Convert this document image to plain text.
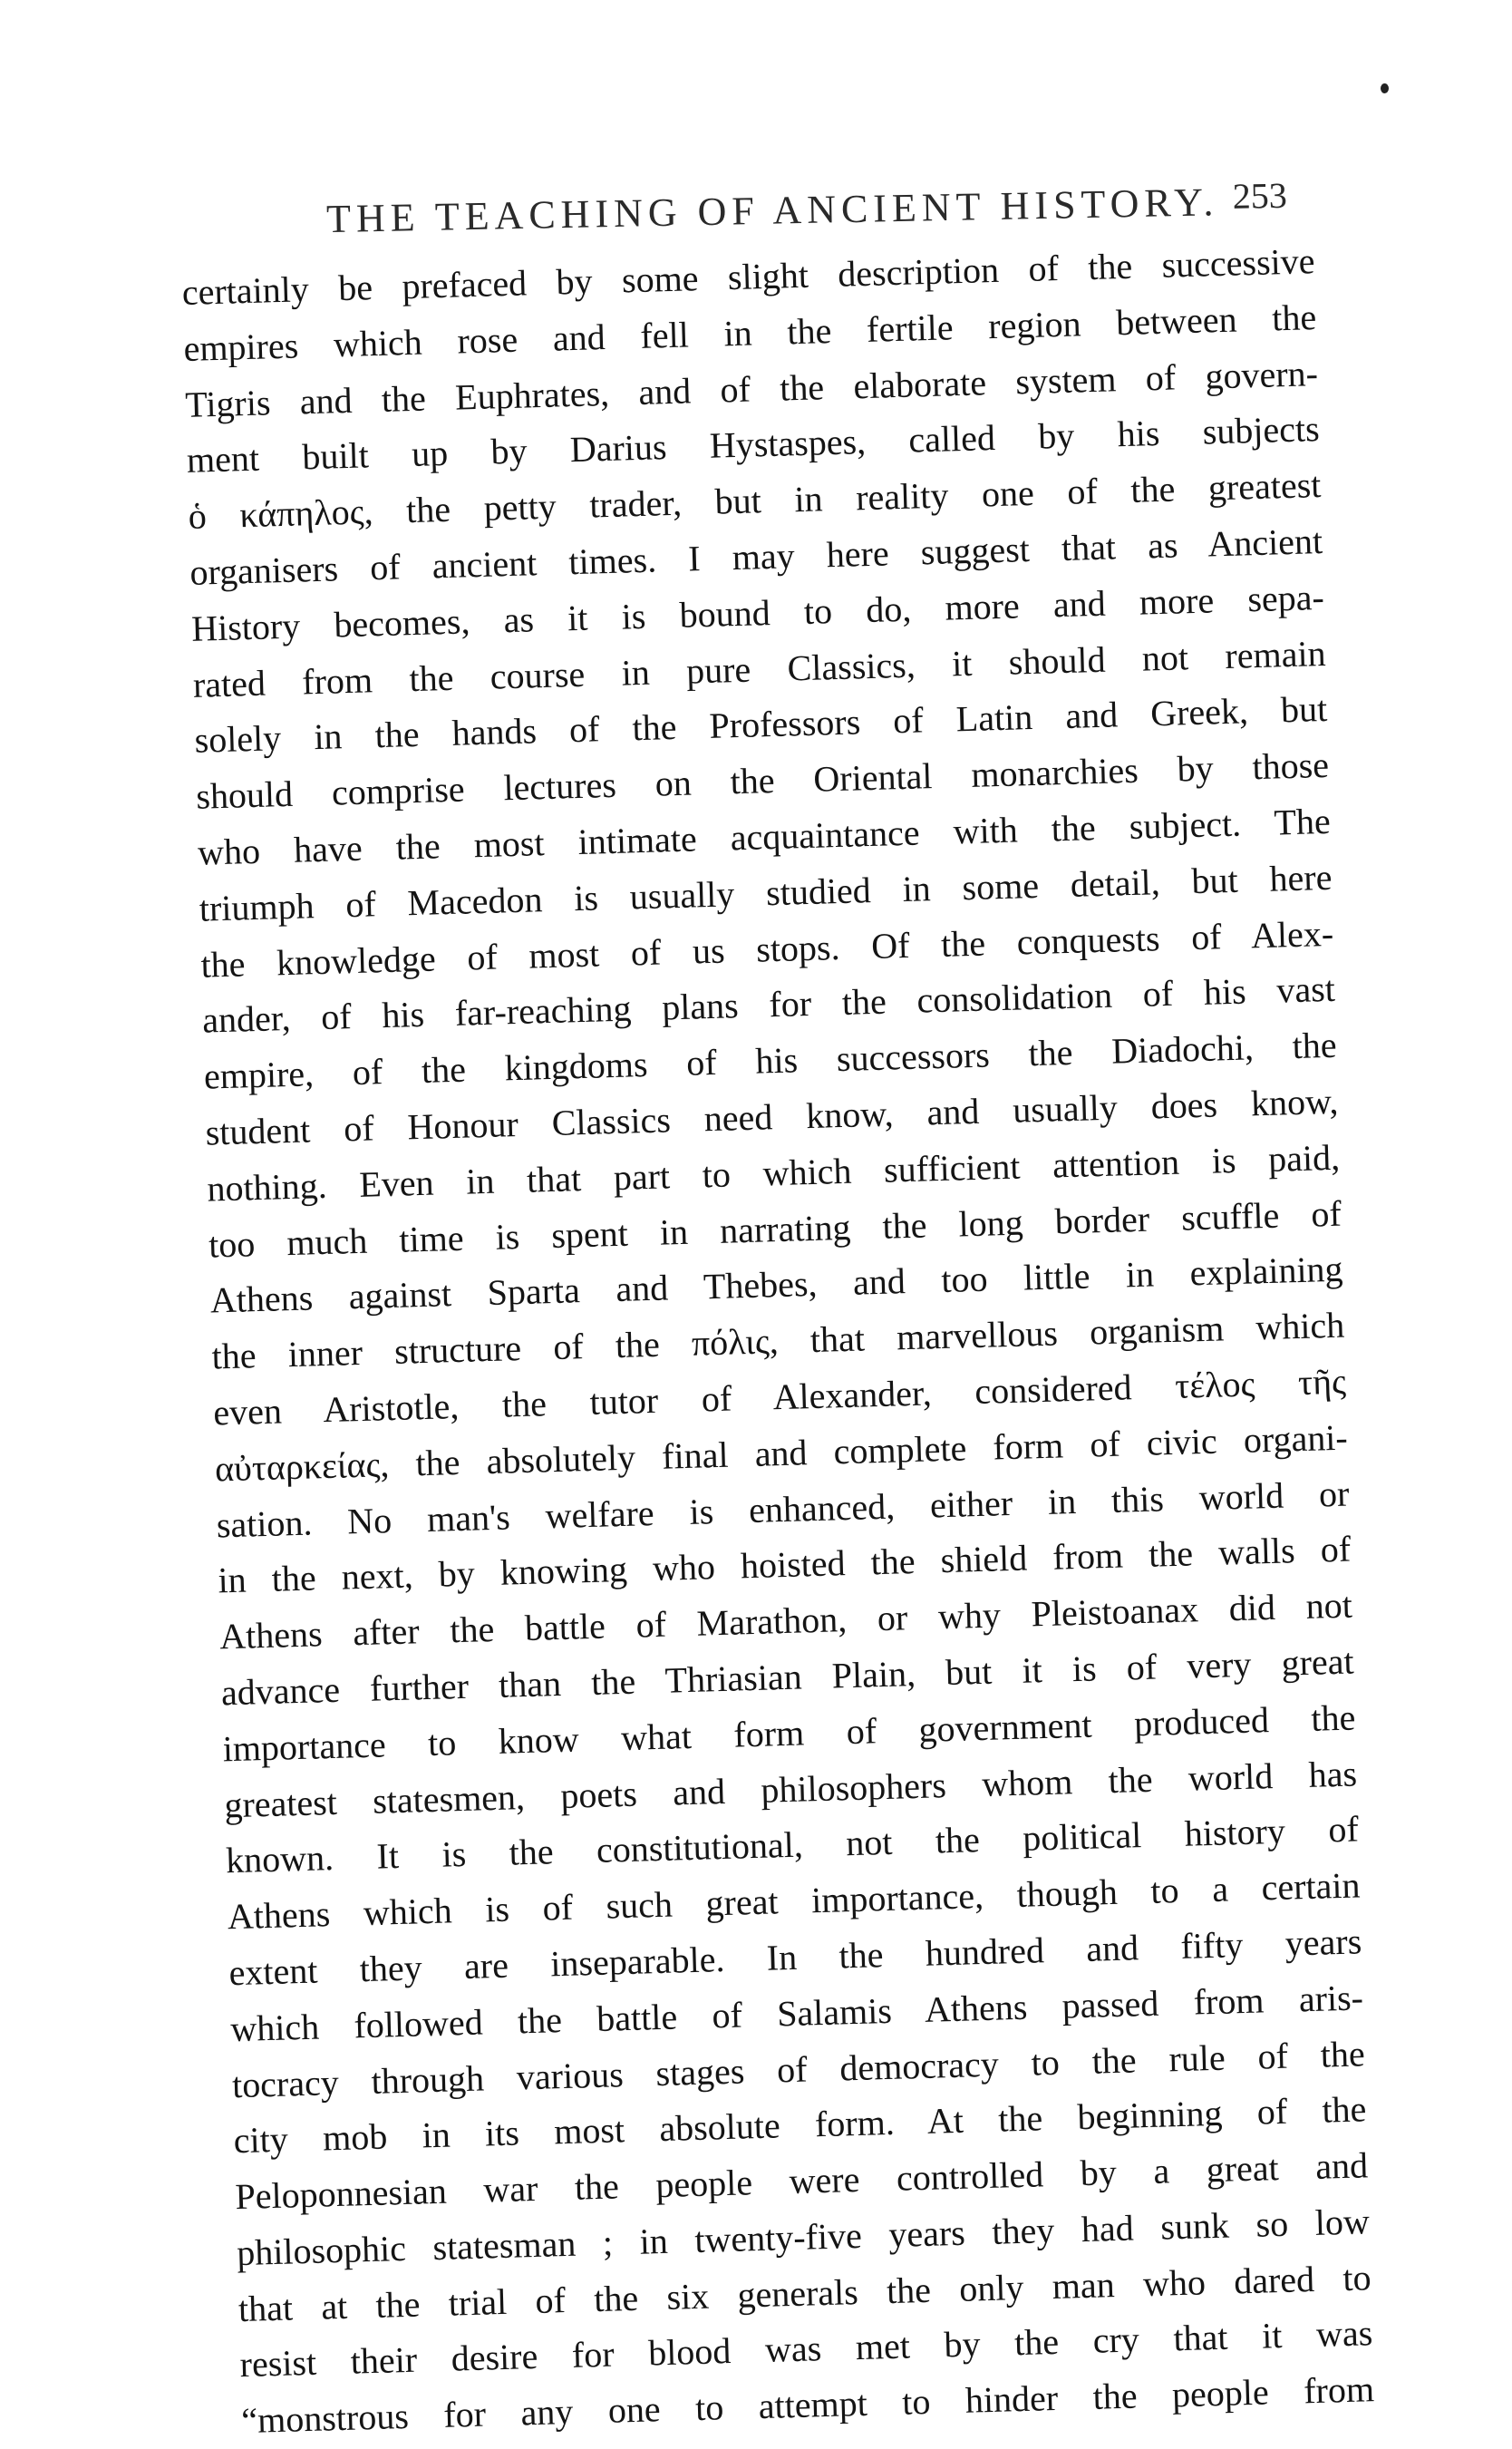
THE TEACHING OF ANCIENT HISTORY. 253
certainly be prefaced by some slight description of the successive
empires which rose and fell in the fertile region between the
Tigris and the Euphrates, and of the elaborate system of govern-
ment built up by Darius Hystaspes, called by his subjects
ὁ κάπηλος, the petty trader, but in reality one of the greatest
organisers of ancient times. I may here suggest that as Ancient
History becomes, as it is bound to do, more and more sepa-
rated from the course in pure Classics, it should not remain
solely in the hands of the Professors of Latin and Greek, but
should comprise lectures on the Oriental monarchies by those
who have the most intimate acquaintance with the subject. The
triumph of Macedon is usually studied in some detail, but here
the knowledge of most of us stops. Of the conquests of Alex-
ander, of his far-reaching plans for the consolidation of his vast
empire, of the kingdoms of his successors the Diadochi, the
student of Honour Classics need know, and usually does know,
nothing. Even in that part to which sufficient attention is paid,
too much time is spent in narrating the long border scuffle of
Athens against Sparta and Thebes, and too little in explaining
the inner structure of the πόλις, that marvellous organism which
even Aristotle, the tutor of Alexander, considered τέλος τῆς
αὐταρκείας, the absolutely final and complete form of civic organi-
sation. No man's welfare is enhanced, either in this world or
in the next, by knowing who hoisted the shield from the walls of
Athens after the battle of Marathon, or why Pleistoanax did not
advance further than the Thriasian Plain, but it is of very great
importance to know what form of government produced the
greatest statesmen, poets and philosophers whom the world has
known. It is the constitutional, not the political history of
Athens which is of such great importance, though to a certain
extent they are inseparable. In the hundred and fifty years
which followed the battle of Salamis Athens passed from aris-
tocracy through various stages of democracy to the rule of the
city mob in its most absolute form. At the beginning of the
Peloponnesian war the people were controlled by a great and
philosophic statesman ; in twenty-five years they had sunk so low
that at the trial of the six generals the only man who dared to
resist their desire for blood was met by the cry that it was
“monstrous for any one to attempt to hinder the people from
